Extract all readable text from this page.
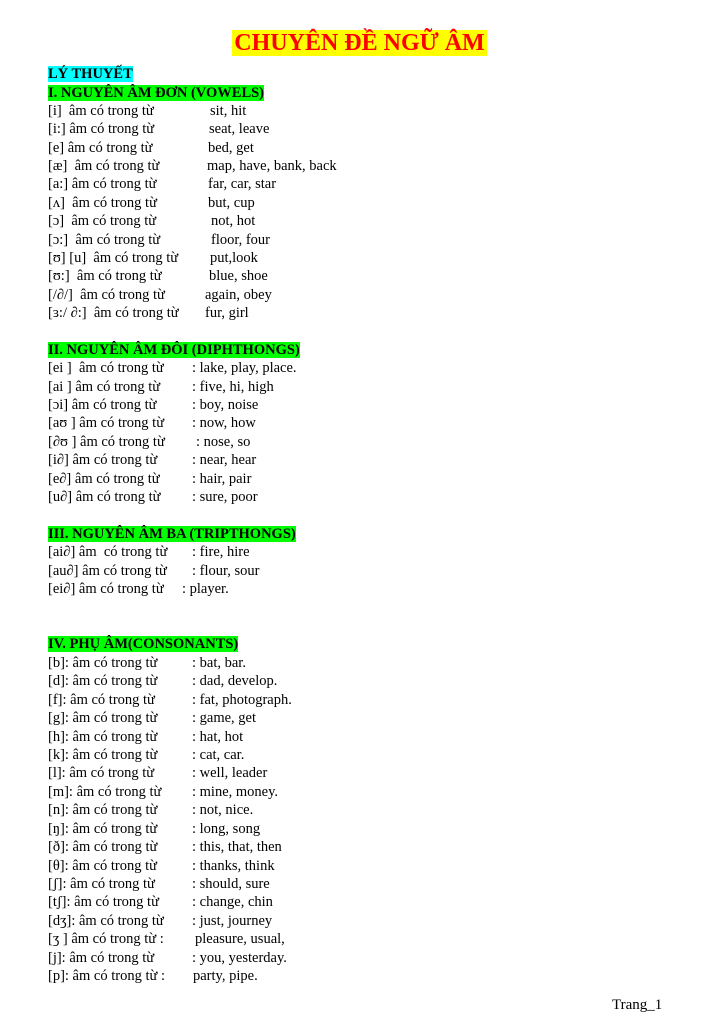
CHUYÊN ĐỀ NGỮ ÂM
LÝ THUYẾT
I. NGUYÊN ÂM ĐƠN (VOWELS)
[i]  âm có trong từ	sit, hit
[i:] âm có trong từ	seat, leave
[e] âm có trong từ	bed, get
[æ]  âm có trong từ	map, have, bank, back
[a:] âm có trong từ	far, car, star
[ʌ]  âm có trong từ	but, cup
[ɔ]  âm có trong từ	not, hot
[ɔ:]  âm có trong từ	floor, four
[ʊ] [u]  âm có trong từ put,look
[ʊ:]  âm có trong từ	blue, shoe
[/∂/]  âm có trong từ	again, obey
[ɜ:/ ∂:]  âm có trong từ fur, girl
II. NGUYÊN ÂM ĐÔI (DIPHTHONGS)
[ei ]  âm có trong từ : lake, play, place.
[ai ] âm có trong từ : five, hi, high
[ɔi] âm có trong từ : boy, noise
[aʊ ] âm có trong từ : now, how
[∂ʊ ] âm có trong từ : nose, so
[i∂] âm có trong từ : near, hear
[e∂] âm có trong từ : hair, pair
[u∂] âm có trong từ : sure, poor
III. NGUYÊN ÂM BA (TRIPTHONGS)
[ai∂] âm  có trong từ : fire, hire
[au∂] âm có trong từ : flour, sour
[ei∂] âm có trong từ : player.
IV. PHỤ ÂM(CONSONANTS)
[b]: âm có trong từ : bat, bar.
[d]: âm có trong từ : dad, develop.
[f]: âm có trong từ	: fat, photograph.
[g]: âm có trong từ : game, get
[h]: âm có trong từ : hat, hot
[k]: âm có trong từ : cat, car.
[l]: âm có trong từ	: well, leader
[m]: âm có trong từ : mine, money.
[n]: âm có trong từ : not, nice.
[ŋ]: âm có trong từ : long, song
[ð]: âm có trong từ : this, that, then
[θ]: âm có trong từ : thanks, think
[ʃ]: âm có trong từ	: should, sure
[tʃ]: âm có trong từ : change, chin
[dʒ]: âm có trong từ : just, journey
[ʒ ] âm có trong từ : pleasure, usual,
[j]: âm có trong từ	: you, yesterday.
[p]: âm có trong từ : party, pipe.
Trang_1
